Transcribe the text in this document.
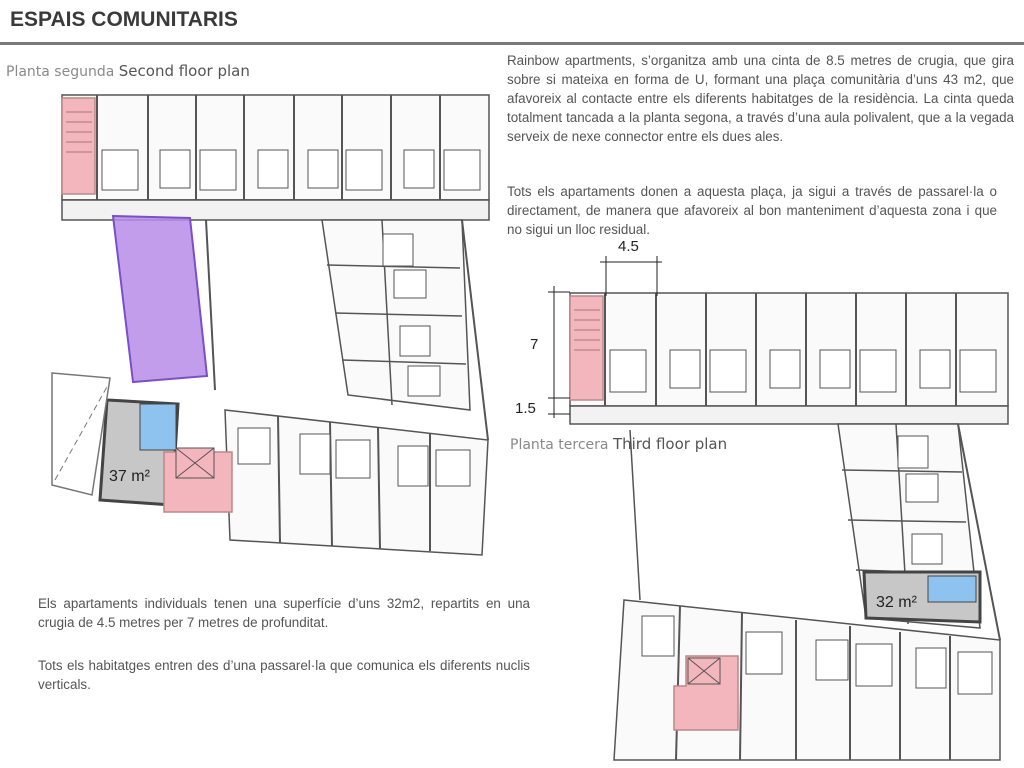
ESPAIS COMUNITARIS
Planta segunda Second floor plan
37 m²
32 m²
4.5
7
1.5
Planta tercera Third floor plan
Rainbow apartments, s’organitza amb una cinta de 8.5 metres de crugia, que gira sobre si mateixa en forma de U, formant una plaça comunitària d’uns 43 m2, que afavoreix al contacte entre els diferents habitatges de la residència. La cinta queda totalment tancada a la planta segona, a través d’una aula polivalent, que a la vegada serveix de nexe connector entre els dues ales.
Tots els apartaments donen a aquesta plaça, ja sigui a través de passarel·la o directament, de manera que afavoreix al bon manteniment d’aquesta zona i que no sigui un lloc residual.
Els apartaments individuals tenen una superfície d’uns 32m2, repartits en una crugia de 4.5 metres per 7 metres de profunditat.
Tots els habitatges entren des d’una passarel·la que comunica els diferents nuclis verticals.
